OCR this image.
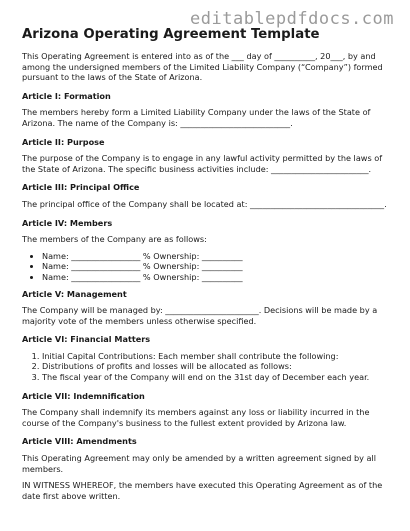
editablepdfdocs.com
Arizona Operating Agreement Template

This Operating Agreement is entered into as of the ___ day of __________, 20___, by and among the undersigned members of the Limited Liability Company (“Company”) formed pursuant to the laws of the State of Arizona.

Article I: Formation

The members hereby form a Limited Liability Company under the laws of the State of Arizona. The name of the Company is: ___________________________.

Article II: Purpose

The purpose of the Company is to engage in any lawful activity permitted by the laws of the State of Arizona. The specific business activities include: ________________________.

Article III: Principal Office

The principal office of the Company shall be located at: _________________________________.

Article IV: Members

The members of the Company are as follows:

• Name: _________________ % Ownership: __________
• Name: _________________ % Ownership: __________
• Name: _________________ % Ownership: __________
Article V: Management

The Company will be managed by: _______________________. Decisions will be made by a majority vote of the members unless otherwise specified.

Article VI: Financial Matters
1. Initial Capital Contributions: Each member shall contribute the following:
2. Distributions of profits and losses will be allocated as follows:
3. The fiscal year of the Company will end on the 31st day of December each year.
Article VII: Indemnification

The Company shall indemnify its members against any loss or liability incurred in the course of the Company's business to the fullest extent provided by Arizona law.

Article VIII: Amendments

This Operating Agreement may only be amended by a written agreement signed by all members.

IN WITNESS WHEREOF, the members have executed this Operating Agreement as of the date first above written.
